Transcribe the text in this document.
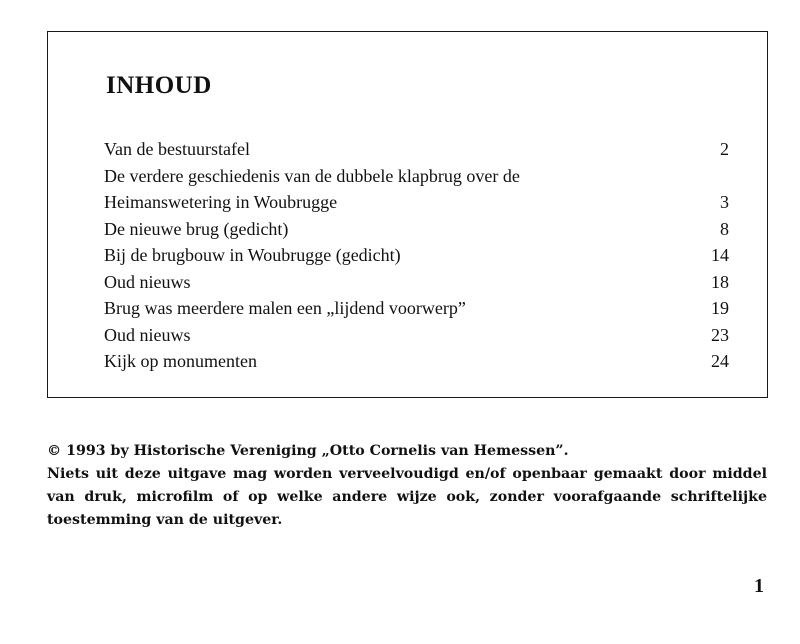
INHOUD
Van de bestuurstafel	2
De verdere geschiedenis van de dubbele klapbrug over de
Heimanswetering in Woubrugge	3
De nieuwe brug (gedicht)	8
Bij de brugbouw in Woubrugge (gedicht)	14
Oud nieuws	18
Brug was meerdere malen een „lijdend voorwerp”	19
Oud nieuws	23
Kijk op monumenten	24

© 1993 by Historische Vereniging „Otto Cornelis van Hemessen”.

Niets uit deze uitgave mag worden verveelvoudigd en/of openbaar gemaakt door middel van druk, microfilm of op welke andere wijze ook, zonder voorafgaande schriftelijke toestemming van de uitgever.

1
